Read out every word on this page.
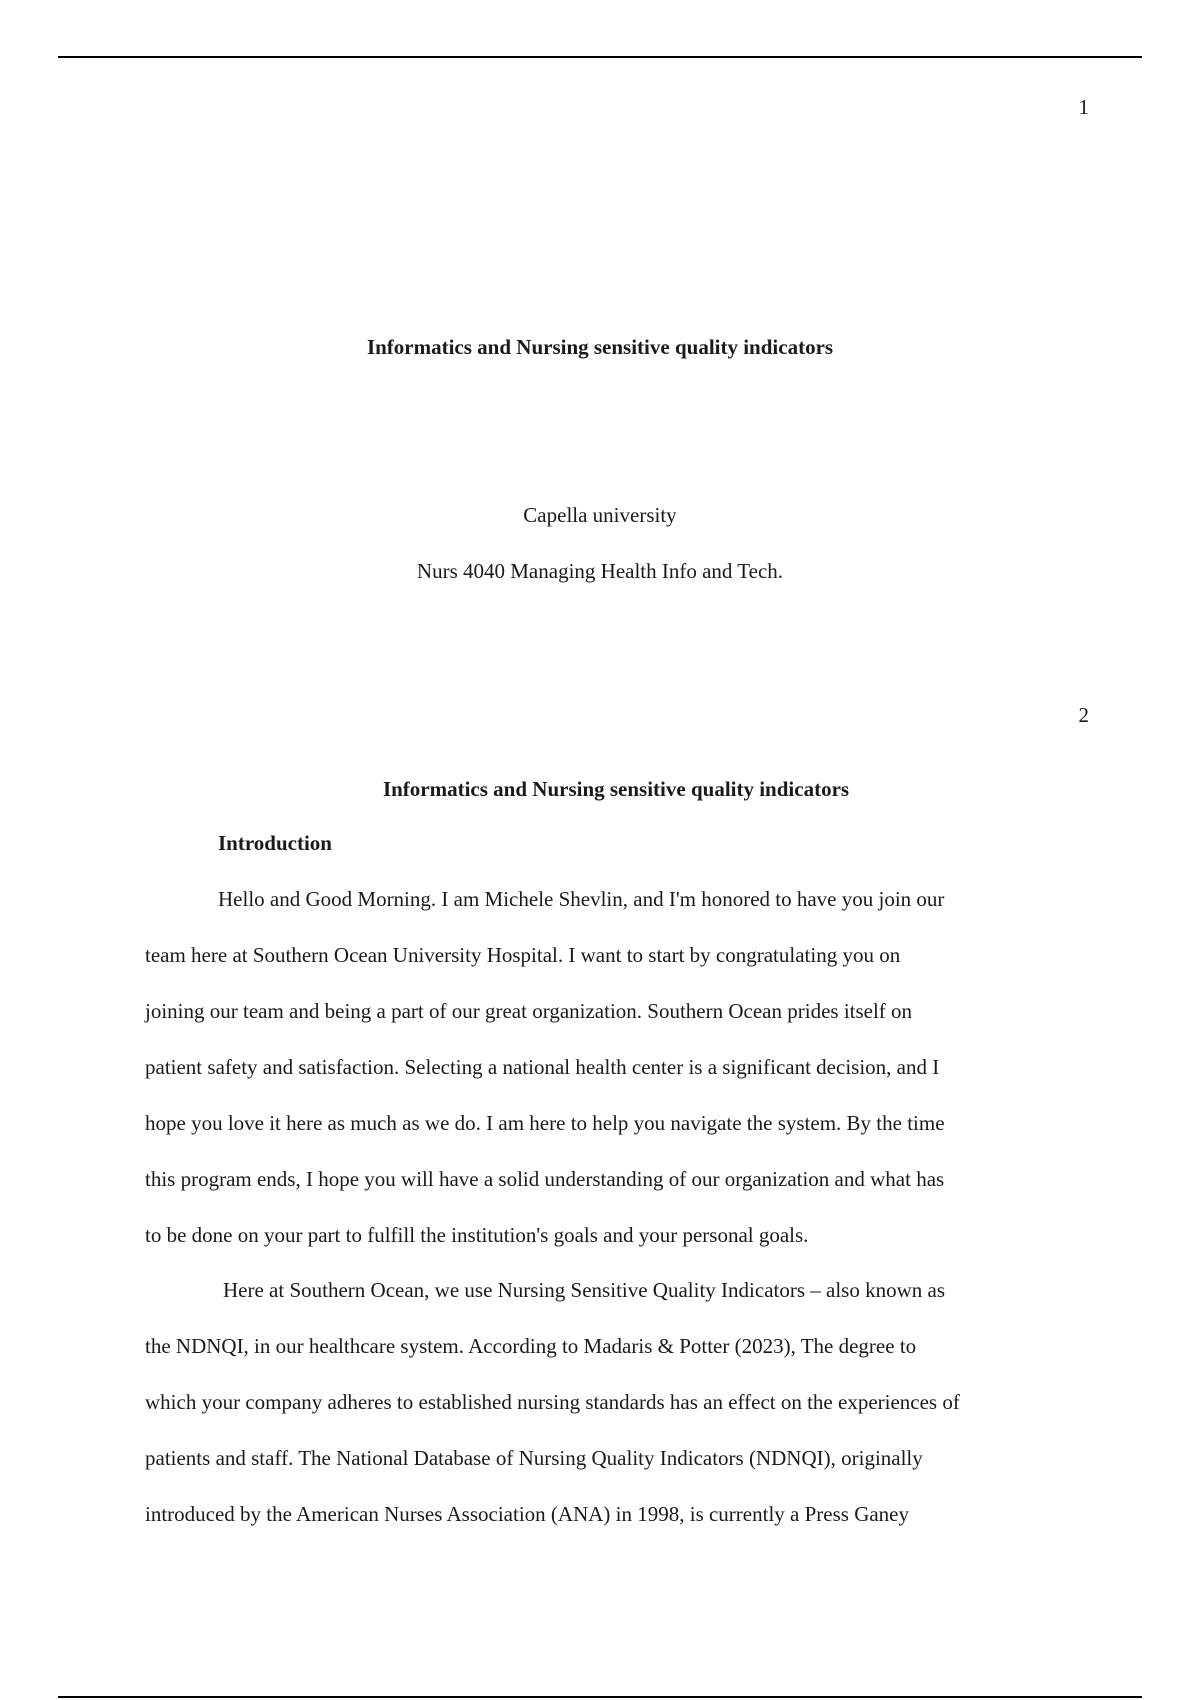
1
Informatics and Nursing sensitive quality indicators
Capella university
Nurs 4040 Managing Health Info and Tech.
2
Informatics and Nursing sensitive quality indicators
Introduction
Hello and Good Morning. I am Michele Shevlin, and I'm honored to have you join our
team here at Southern Ocean University Hospital. I want to start by congratulating you on
joining our team and being a part of our great organization. Southern Ocean prides itself on
patient safety and satisfaction. Selecting a national health center is a significant decision, and I
hope you love it here as much as we do. I am here to help you navigate the system. By the time
this program ends, I hope you will have a solid understanding of our organization and what has
to be done on your part to fulfill the institution's goals and your personal goals.
Here at Southern Ocean, we use Nursing Sensitive Quality Indicators – also known as
the NDNQI, in our healthcare system. According to Madaris & Potter (2023), The degree to
which your company adheres to established nursing standards has an effect on the experiences of
patients and staff. The National Database of Nursing Quality Indicators (NDNQI), originally
introduced by the American Nurses Association (ANA) in 1998, is currently a Press Ganey
